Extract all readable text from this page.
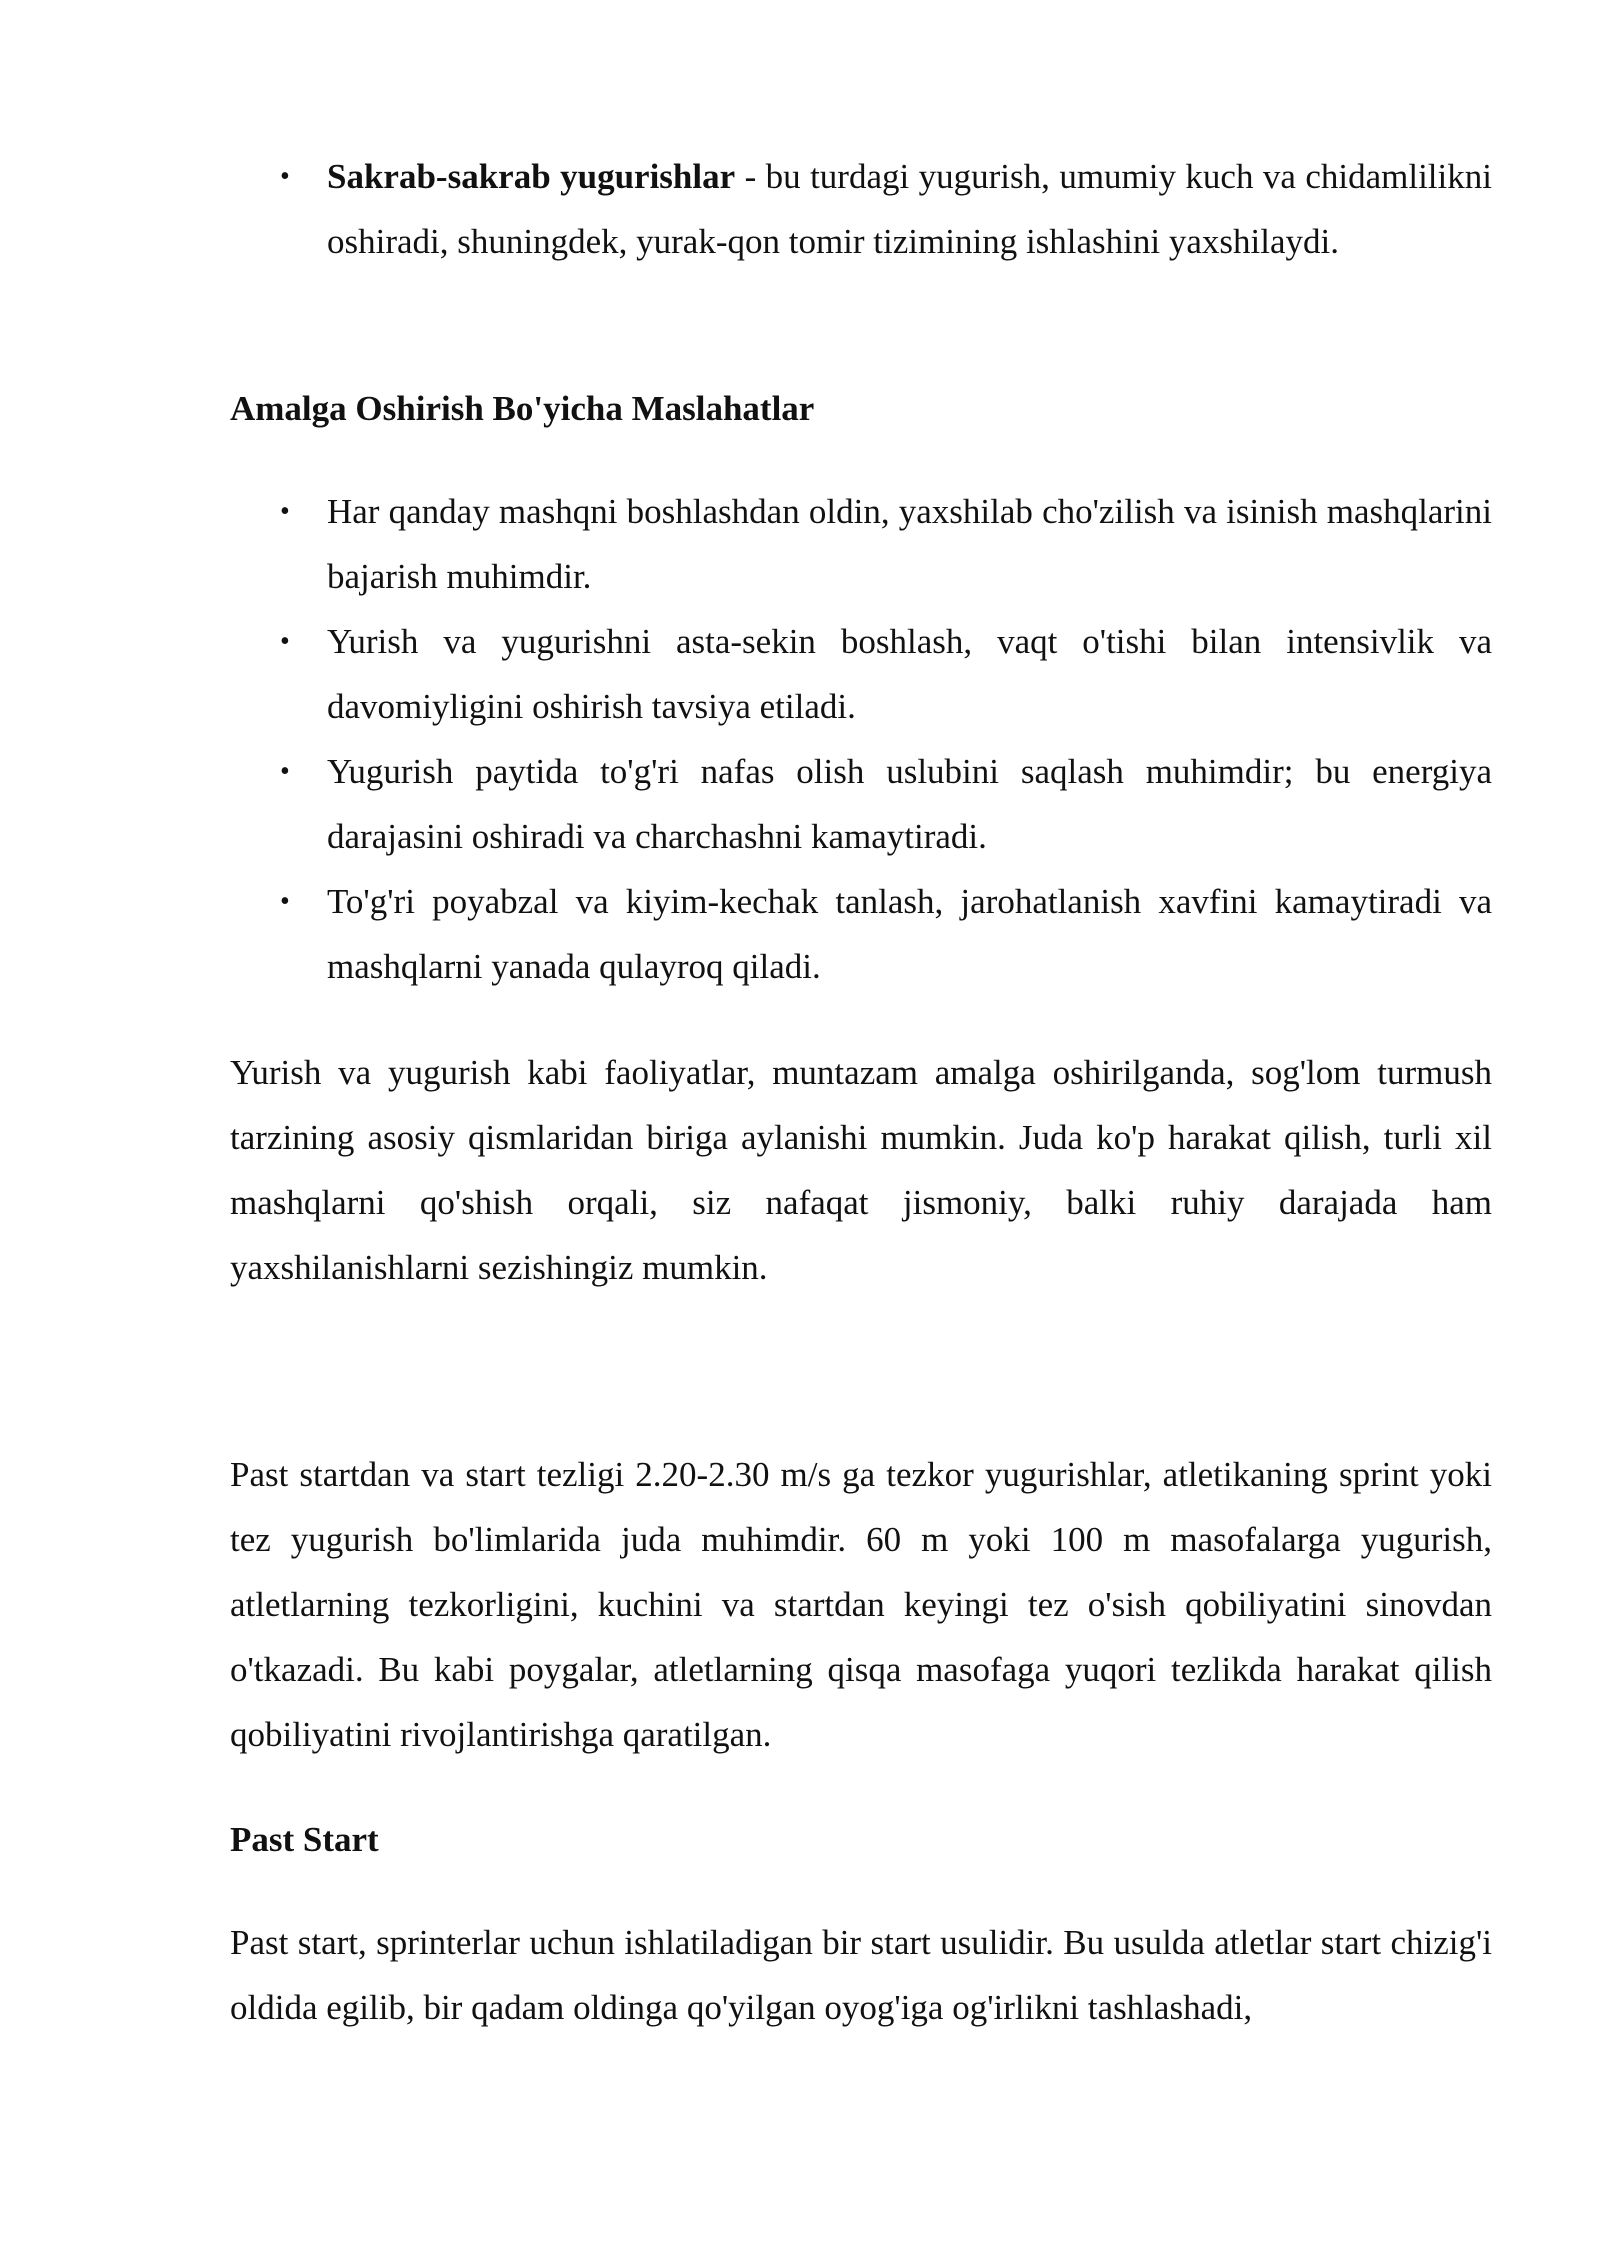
• Sakrab-sakrab yugurishlar - bu turdagi yugurish, umumiy kuch va chidamlilikni oshiradi, shuningdek, yurak-qon tomir tizimining ishlashini yaxshilaydi.

Amalga Oshirish Bo'yicha Maslahatlar

• Har qanday mashqni boshlashdan oldin, yaxshilab cho'zilish va isinish mashqlarini bajarish muhimdir.
• Yurish va yugurishni asta-sekin boshlash, vaqt o'tishi bilan intensivlik va davomiyligini oshirish tavsiya etiladi.
• Yugurish paytida to'g'ri nafas olish uslubini saqlash muhimdir; bu energiya darajasini oshiradi va charchashni kamaytiradi.
• To'g'ri poyabzal va kiyim-kechak tanlash, jarohatlanish xavfini kamaytiradi va mashqlarni yanada qulayroq qiladi.

Yurish va yugurish kabi faoliyatlar, muntazam amalga oshirilganda, sog'lom turmush tarzining asosiy qismlaridan biriga aylanishi mumkin. Juda ko'p harakat qilish, turli xil mashqlarni qo'shish orqali, siz nafaqat jismoniy, balki ruhiy darajada ham yaxshilanishlarni sezishingiz mumkin.

Past startdan va start tezligi 2.20-2.30 m/s ga tezkor yugurishlar, atletikaning sprint yoki tez yugurish bo'limlarida juda muhimdir. 60 m yoki 100 m masofalarga yugurish, atletlarning tezkorligini, kuchini va startdan keyingi tez o'sish qobiliyatini sinovdan o'tkazadi. Bu kabi poygalar, atletlarning qisqa masofaga yuqori tezlikda harakat qilish qobiliyatini rivojlantirishga qaratilgan.

Past Start

Past start, sprinterlar uchun ishlatiladigan bir start usulidir. Bu usulda atletlar start chizig'i oldida egilib, bir qadam oldinga qo'yilgan oyog'iga og'irlikni tashlashadi,
